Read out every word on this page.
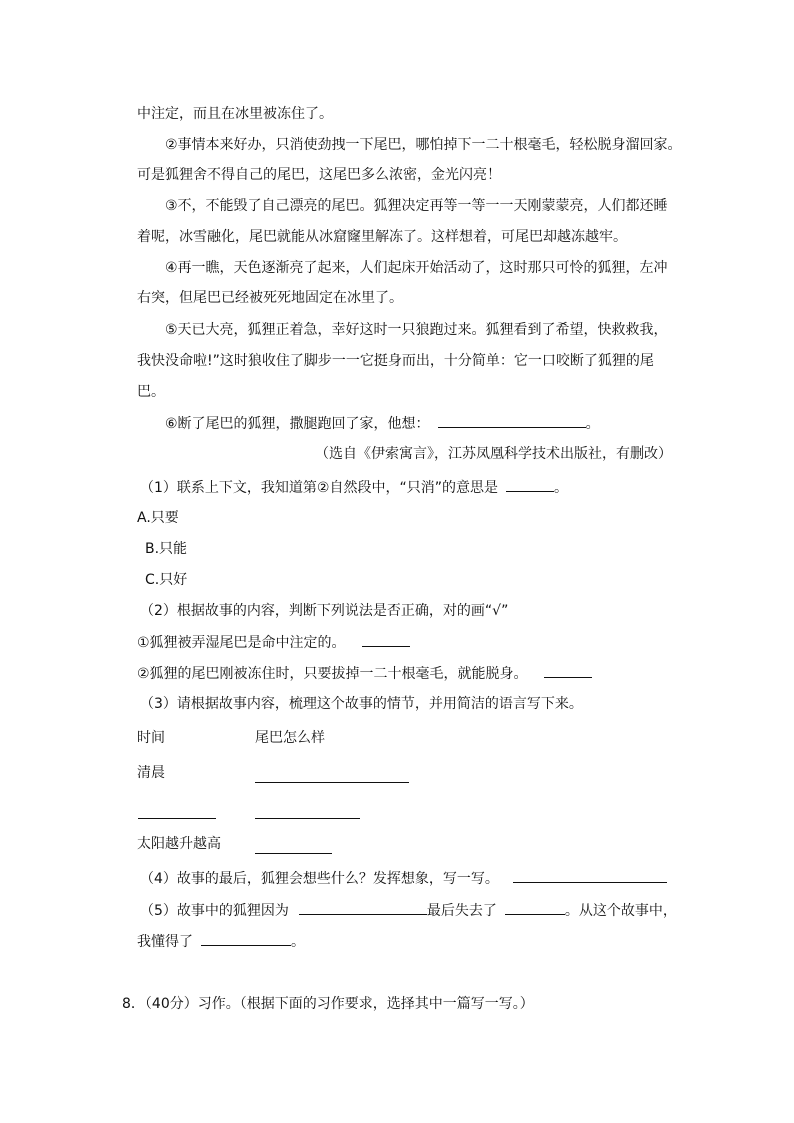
中注定，而且在冰里被冻住了。
②事情本来好办，只消使劲拽一下尾巴，哪怕掉下一二十根毫毛，轻松脱身溜回家。
可是狐狸舍不得自己的尾巴，这尾巴多么浓密，金光闪亮！
③不，不能毁了自己漂亮的尾巴。狐狸决定再等一等一一天刚蒙蒙亮，人们都还睡
着呢，冰雪融化，尾巴就能从冰窟窿里解冻了。这样想着，可尾巴却越冻越牢。
④再一瞧，天色逐渐亮了起来，人们起床开始活动了，这时那只可怜的狐狸，左冲
右突，但尾巴已经被死死地固定在冰里了。
⑤天已大亮，狐狸正着急，幸好这时一只狼跑过来。狐狸看到了希望，快救救我，
我快没命啦!”这时狼收住了脚步一一它挺身而出，十分简单：它一口咬断了狐狸的尾
巴。
⑥断了尾巴的狐狸，撒腿跑回了家，他想：	。
（选自《伊索寓言》，江苏凤凰科学技术出版社，有删改）
（1）联系上下文，我知道第②自然段中，“只消”的意思是	。
A.只要
B.只能
C.只好
（2）根据故事的内容，判断下列说法是否正确，对的画“√”
①狐狸被弄湿尾巴是命中注定的。
②狐狸的尾巴刚被冻住时，只要拔掉一二十根毫毛，就能脱身。
（3）请根据故事内容，梳理这个故事的情节，并用简洁的语言写下来。
时间	尾巴怎么样
清晨
太阳越升越高
（4）故事的最后，狐狸会想些什么？发挥想象，写一写。
（5）故事中的狐狸因为	最后失去了	。从这个故事中，
我懂得了	。
8．（40分）习作。（根据下面的习作要求，选择其中一篇写一写。）
